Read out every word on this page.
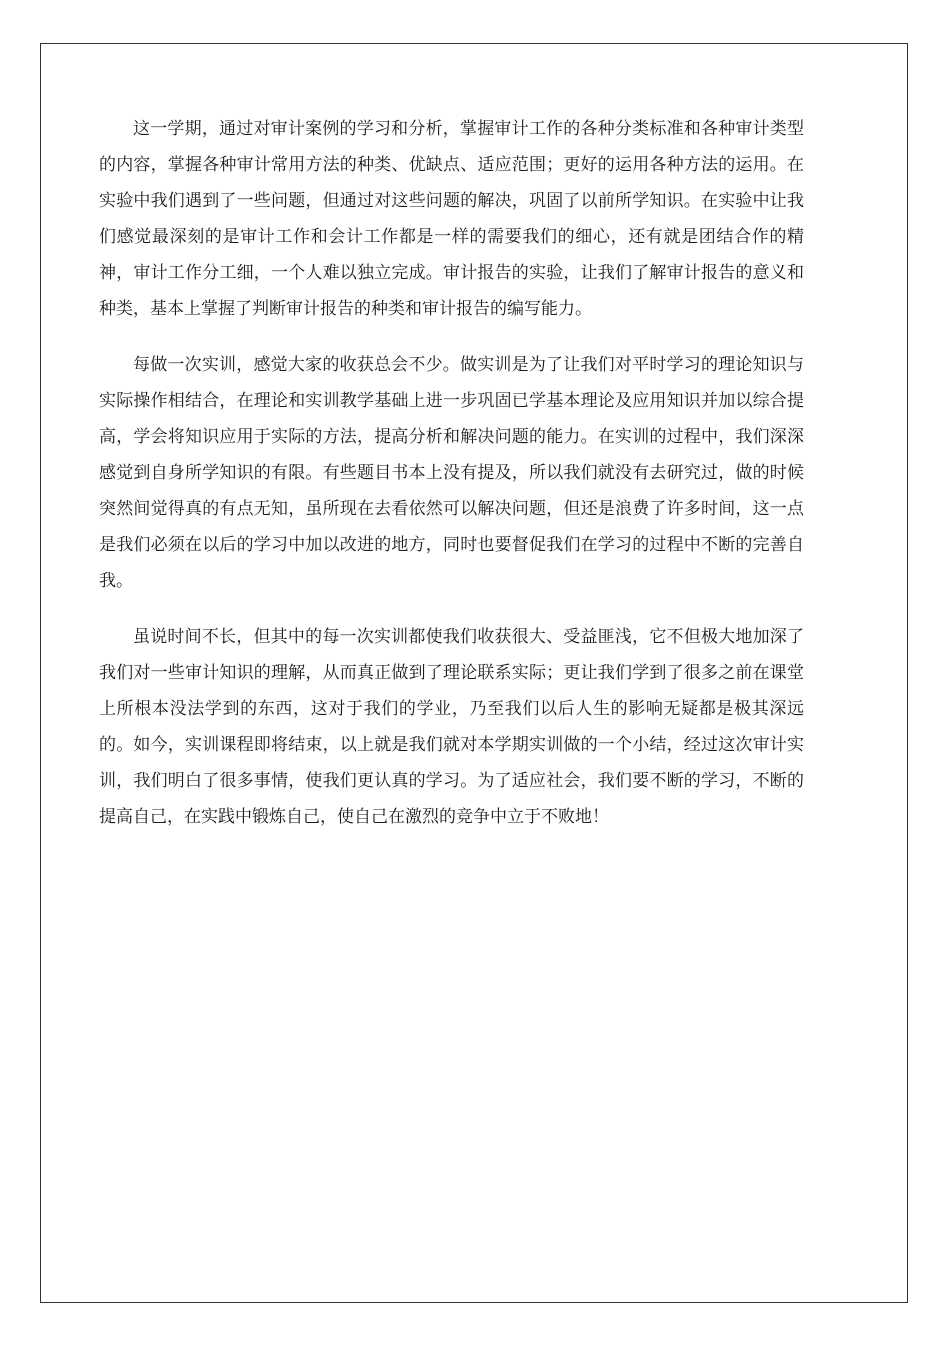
这一学期，通过对审计案例的学习和分析，掌握审计工作的各种分类标准和各种审计类型的内容，掌握各种审计常用方法的种类、优缺点、适应范围；更好的运用各种方法的运用。在实验中我们遇到了一些问题，但通过对这些问题的解决，巩固了以前所学知识。在实验中让我们感觉最深刻的是审计工作和会计工作都是一样的需要我们的细心，还有就是团结合作的精神，审计工作分工细，一个人难以独立完成。审计报告的实验，让我们了解审计报告的意义和种类，基本上掌握了判断审计报告的种类和审计报告的编写能力。

每做一次实训，感觉大家的收获总会不少。做实训是为了让我们对平时学习的理论知识与实际操作相结合，在理论和实训教学基础上进一步巩固已学基本理论及应用知识并加以综合提高，学会将知识应用于实际的方法，提高分析和解决问题的能力。在实训的过程中，我们深深感觉到自身所学知识的有限。有些题目书本上没有提及，所以我们就没有去研究过，做的时候突然间觉得真的有点无知，虽所现在去看依然可以解决问题，但还是浪费了许多时间，这一点是我们必须在以后的学习中加以改进的地方，同时也要督促我们在学习的过程中不断的完善自我。

虽说时间不长，但其中的每一次实训都使我们收获很大、受益匪浅，它不但极大地加深了我们对一些审计知识的理解，从而真正做到了理论联系实际；更让我们学到了很多之前在课堂上所根本没法学到的东西，这对于我们的学业，乃至我们以后人生的影响无疑都是极其深远的。如今，实训课程即将结束，以上就是我们就对本学期实训做的一个小结，经过这次审计实训，我们明白了很多事情，使我们更认真的学习。为了适应社会，我们要不断的学习，不断的提高自己，在实践中锻炼自己，使自己在激烈的竞争中立于不败地！
